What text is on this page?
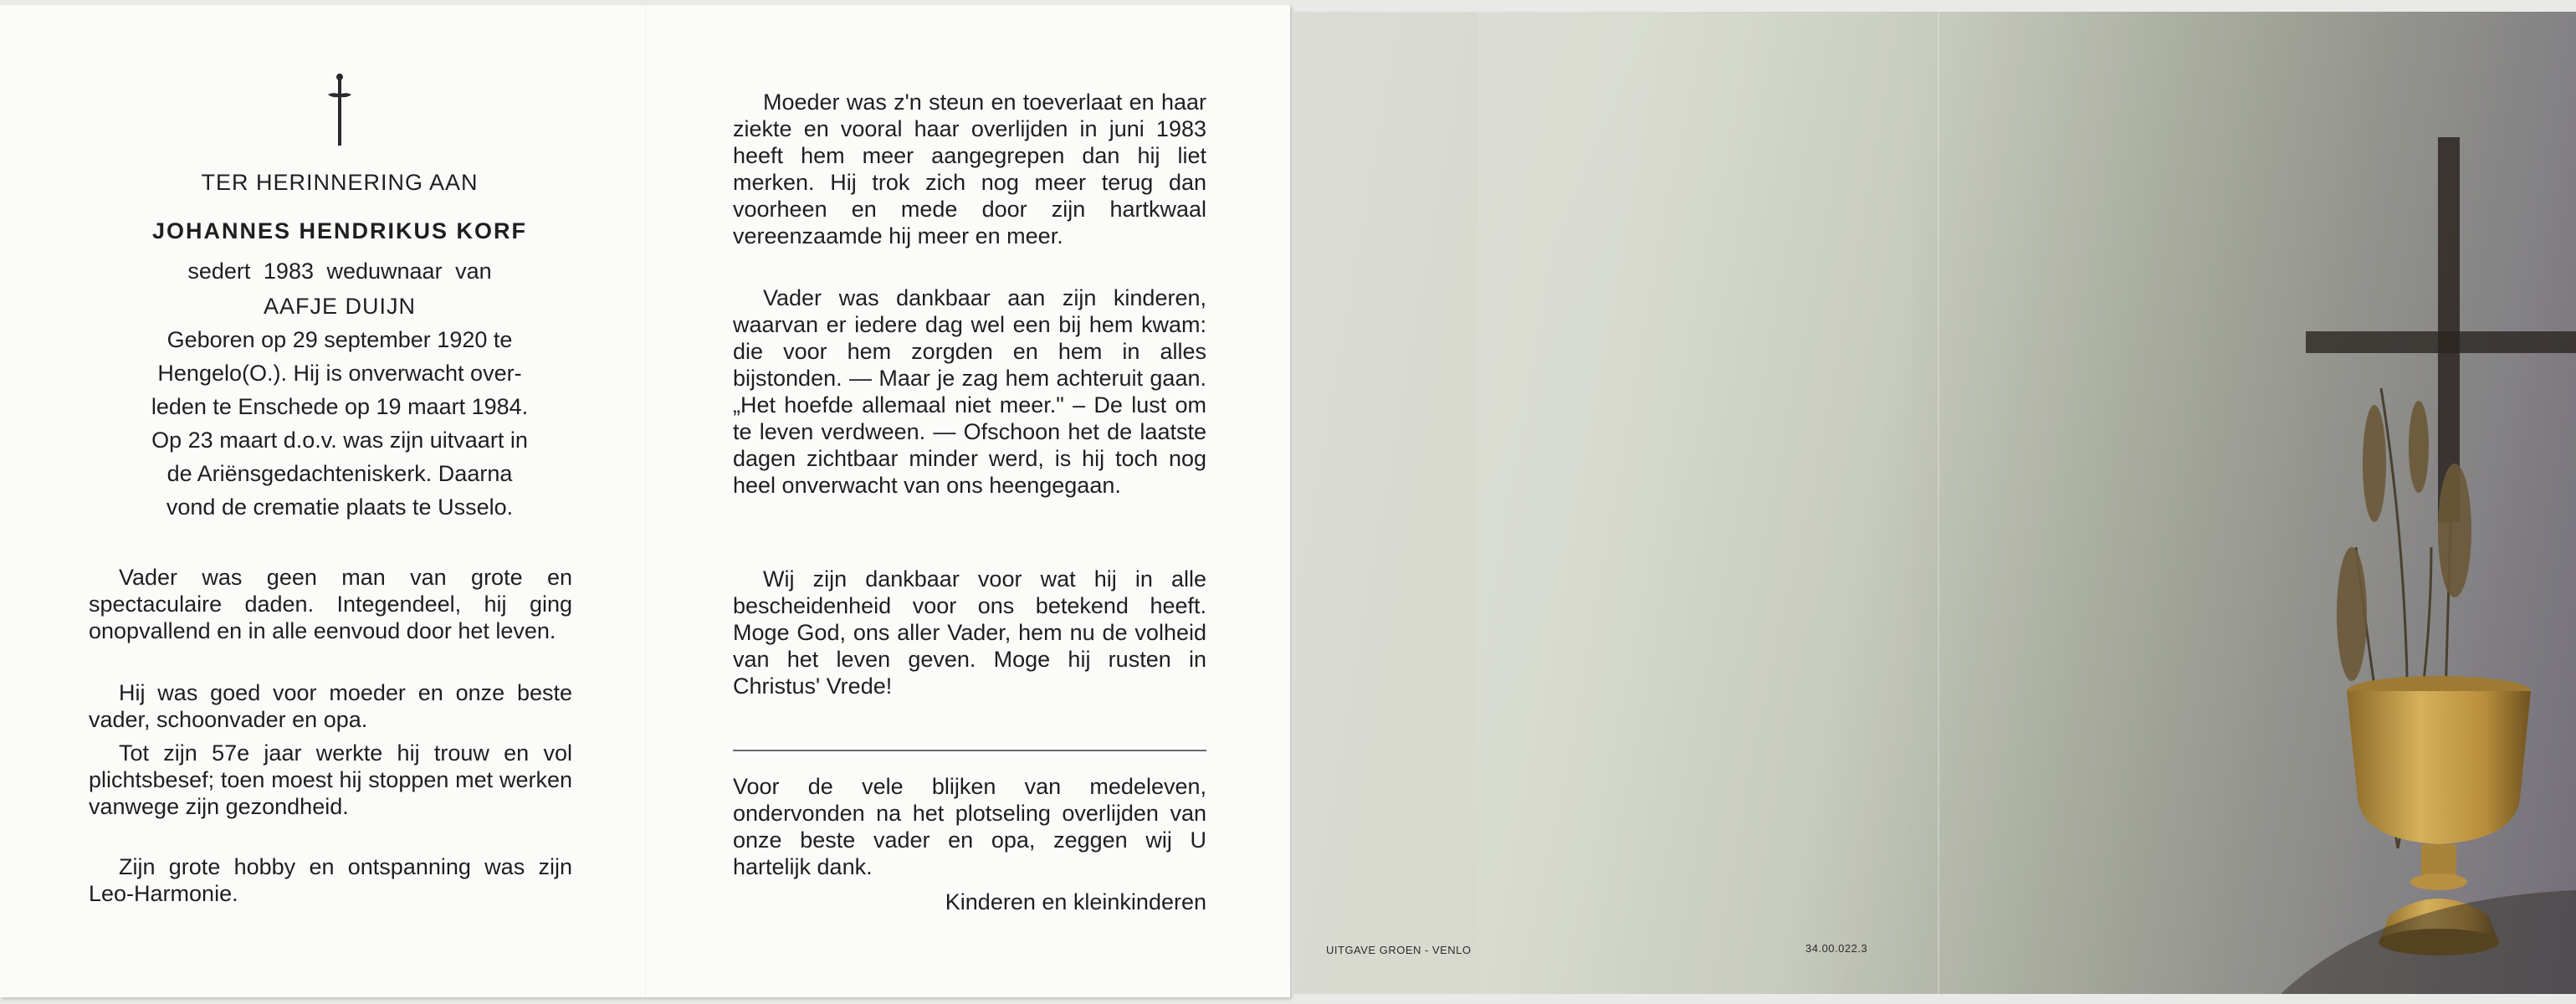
TER HERINNERING AAN
JOHANNES HENDRIKUS KORF
sedert 1983 weduwnaar van
AAFJE DUIJN
Geboren op 29 september 1920 te
Hengelo(O.). Hij is onverwacht over-
leden te Enschede op 19 maart 1984.
Op 23 maart d.o.v. was zijn uitvaart in
de Ariënsgedachteniskerk. Daarna
vond de crematie plaats te Usselo.

Vader was geen man van grote en spectaculaire daden. Integendeel, hij ging onopvallend en in alle eenvoud door het leven.

Hij was goed voor moeder en onze beste vader, schoonvader en opa.

Tot zijn 57e jaar werkte hij trouw en vol plichtsbesef; toen moest hij stoppen met werken vanwege zijn gezondheid.

Zijn grote hobby en ontspanning was zijn Leo-Harmonie.

Moeder was z'n steun en toeverlaat en haar ziekte en vooral haar overlijden in juni 1983 heeft hem meer aangegrepen dan hij liet merken. Hij trok zich nog meer terug dan voorheen en mede door zijn hartkwaal vereenzaamde hij meer en meer.

Vader was dankbaar aan zijn kinderen, waarvan er iedere dag wel een bij hem kwam: die voor hem zorgden en hem in alles bijstonden. — Maar je zag hem achteruit gaan. „Het hoefde allemaal niet meer." – De lust om te leven verdween. — Ofschoon het de laatste dagen zichtbaar minder werd, is hij toch nog heel onverwacht van ons heengegaan.

Wij zijn dankbaar voor wat hij in alle bescheidenheid voor ons betekend heeft. Moge God, ons aller Vader, hem nu de volheid van het leven geven. Moge hij rusten in Christus' Vrede!

Voor de vele blijken van medeleven, ondervonden na het plotseling overlijden van onze beste vader en opa, zeggen wij U hartelijk dank.

Kinderen en kleinkinderen
UITGAVE GROEN - VENLO	34.00.022.3
